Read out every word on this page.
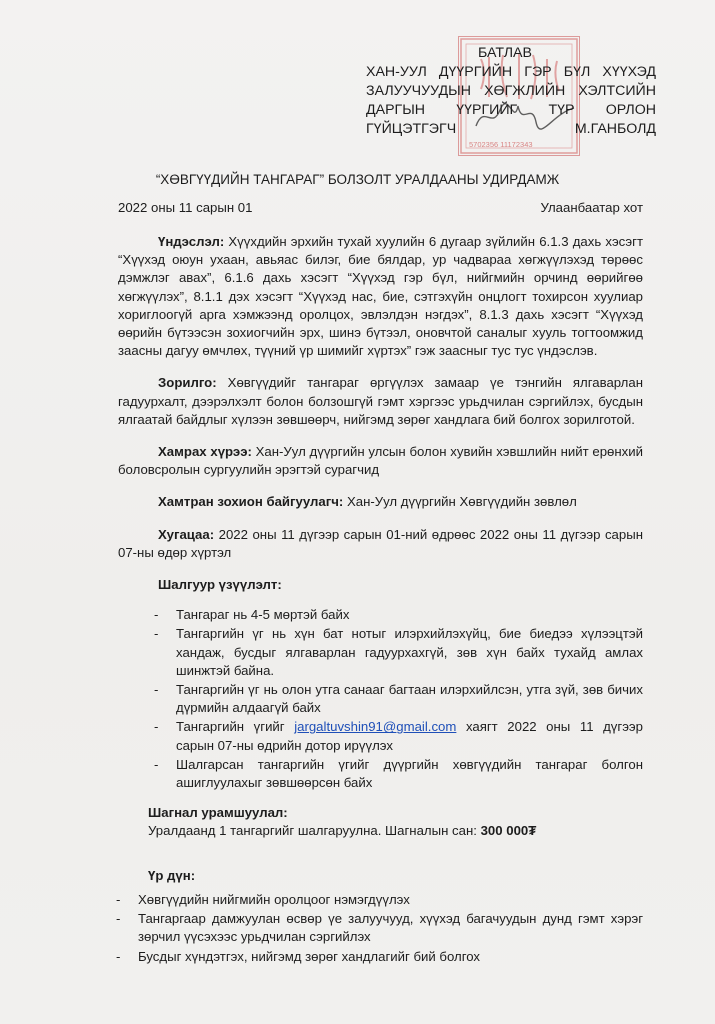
5702356 11172343
БАТЛАВ
ХАН-УУЛ ДҮҮРГИЙН ГЭР БҮЛ ХҮҮХЭД
ЗАЛУУЧУУДЫН ХӨГЖЛИЙН ХЭЛТСИЙН
ДАРГЫН ҮҮРГИЙГ ТҮР ОРЛОН
ГҮЙЦЭТГЭГЧ	М.ГАНБОЛД
“ХӨВГҮҮДИЙН ТАНГАРАГ” БОЛЗОЛТ УРАЛДААНЫ УДИРДАМЖ
2022 оны 11 сарын 01	Улаанбаатар хот

Үндэслэл: Хүүхдийн эрхийн тухай хуулийн 6 дугаар зүйлийн 6.1.3 дахь хэсэгт “Хүүхэд оюун ухаан, авьяас билэг, бие бялдар, ур чадвараа хөгжүүлэхэд төрөөс дэмжлэг авах”, 6.1.6 дахь хэсэгт “Хүүхэд гэр бүл, нийгмийн орчинд өөрийгөө хөгжүүлэх”, 8.1.1 дэх хэсэгт “Хүүхэд нас, бие, сэтгэхүйн онцлогт тохирсон хуулиар хориглоогүй арга хэмжээнд оролцох, эвлэлдэн нэгдэх”, 8.1.3 дахь хэсэгт “Хүүхэд өөрийн бүтээсэн зохиогчийн эрх, шинэ бүтээл, оновчтой саналыг хууль тогтоомжид заасны дагуу өмчлөх, түүний үр шимийг хүртэх” гэж заасныг тус тус үндэслэв.

Зорилго: Хөвгүүдийг тангараг өргүүлэх замаар үе тэнгийн ялгаварлан гадуурхалт, дээрэлхэлт болон болзошгүй гэмт хэргээс урьдчилан сэргийлэх, бусдын ялгаатай байдлыг хүлээн зөвшөөрч, нийгэмд зөрөг хандлага бий болгох зорилготой.

Хамрах хүрээ: Хан-Уул дүүргийн улсын болон хувийн хэвшлийн нийт ерөнхий боловсролын сургуулийн эрэгтэй сурагчид

Хамтран зохион байгуулагч: Хан-Уул дүүргийн Хөвгүүдийн зөвлөл

Хугацаа: 2022 оны 11 дүгээр сарын 01-ний өдрөөс 2022 оны 11 дүгээр сарын 07-ны өдөр хүртэл

Шалгуур үзүүлэлт:
- Тангараг нь 4-5 мөртэй байх
- Тангаргийн үг нь хүн бат нотыг илэрхийлэхүйц, бие биедээ хүлээцтэй хандаж, бусдыг ялгаварлан гадуурхахгүй, зөв хүн байх тухайд амлах шинжтэй байна.
- Тангаргийн үг нь олон утга санааг багтаан илэрхийлсэн, утга зүй, зөв бичих дүрмийн алдаагүй байх
- Тангаргийн үгийг jargaltuvshin91@gmail.com хаягт 2022 оны 11 дүгээр сарын 07-ны өдрийн дотор ирүүлэх
- Шалгарсан тангаргийн үгийг дүүргийн хөвгүүдийн тангараг болгон ашиглуулахыг зөвшөөрсөн байх
Шагнал урамшуулал:
Уралдаанд 1 тангаргийг шалгаруулна. Шагналын сан: 300 000₮
Үр дүн:
- Хөвгүүдийн нийгмийн оролцоог нэмэгдүүлэх
- Тангаргаар дамжуулан өсвөр үе залуучууд, хүүхэд багачуудын дунд гэмт хэрэг зөрчил үүсэхээс урьдчилан сэргийлэх
- Бусдыг хүндэтгэх, нийгэмд зөрөг хандлагийг бий болгох
